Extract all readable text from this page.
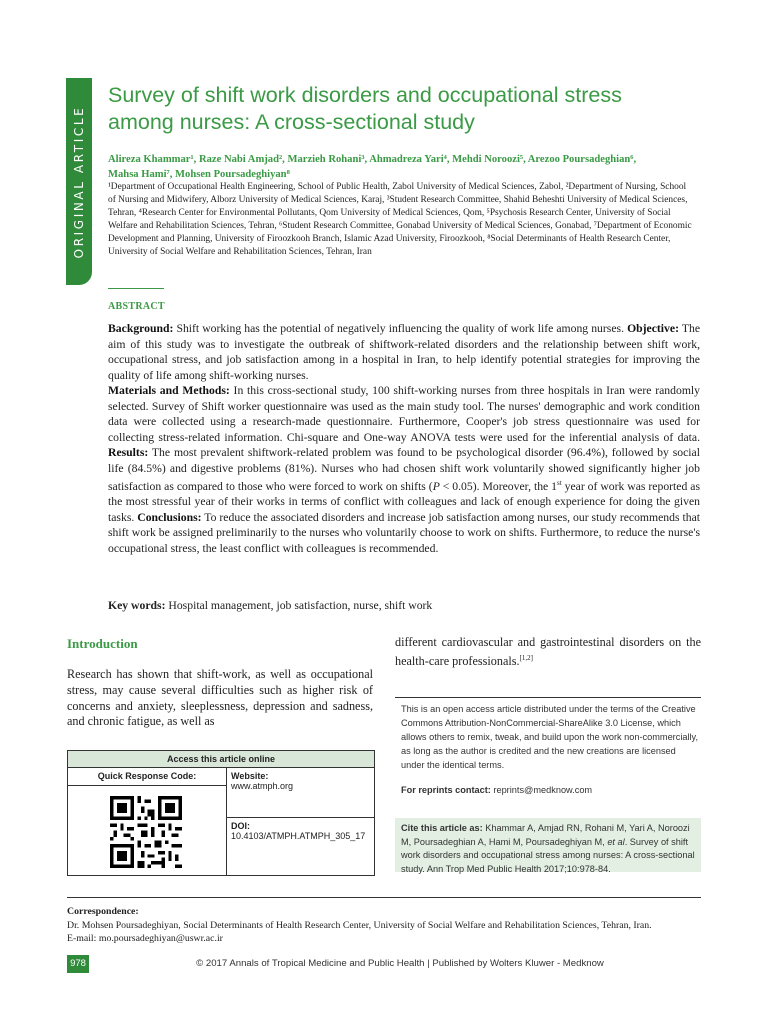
ORIGINAL ARTICLE
Survey of shift work disorders and occupational stress among nurses: A cross-sectional study
Alireza Khammar¹, Raze Nabi Amjad², Marzieh Rohani³, Ahmadreza Yari⁴, Mehdi Noroozi⁵, Arezoo Poursadeghian⁶,
Mahsa Hami⁷, Mohsen Poursadeghiyan⁸
¹Department of Occupational Health Engineering, School of Public Health, Zabol University of Medical Sciences, Zabol, ²Department of Nursing, School of Nursing and Midwifery, Alborz University of Medical Sciences, Karaj, ³Student Research Committee, Shahid Beheshti University of Medical Sciences, Tehran, ⁴Research Center for Environmental Pollutants, Qom University of Medical Sciences, Qom, ⁵Psychosis Research Center, University of Social Welfare and Rehabilitation Sciences, Tehran, ⁶Student Research Committee, Gonabad University of Medical Sciences, Gonabad, ⁷Department of Economic Development and Planning, University of Firoozkooh Branch, Islamic Azad University, Firoozkooh, ⁸Social Determinants of Health Research Center, University of Social Welfare and Rehabilitation Sciences, Tehran, Iran
ABSTRACT

Background: Shift working has the potential of negatively influencing the quality of work life among nurses. Objective: The aim of this study was to investigate the outbreak of shiftwork-related disorders and the relationship between shift work, occupational stress, and job satisfaction among in a hospital in Iran, to help identify potential strategies for improving the quality of life among shift-working nurses.
Materials and Methods: In this cross-sectional study, 100 shift-working nurses from three hospitals in Iran were randomly selected. Survey of Shift worker questionnaire was used as the main study tool. The nurses' demographic and work condition data were collected using a research-made questionnaire. Furthermore, Cooper's job stress questionnaire was used for collecting stress-related information. Chi-square and One-way ANOVA tests were used for the inferential analysis of data. Results: The most prevalent shiftwork-related problem was found to be psychological disorder (96.4%), followed by social life (84.5%) and digestive problems (81%). Nurses who had chosen shift work voluntarily showed significantly higher job satisfaction as compared to those who were forced to work on shifts (P < 0.05). Moreover, the 1st year of work was reported as the most stressful year of their works in terms of conflict with colleagues and lack of enough experience for doing the given tasks. Conclusions: To reduce the associated disorders and increase job satisfaction among nurses, our study recommends that shift work be assigned preliminarily to the nurses who voluntarily choose to work on shifts. Furthermore, to reduce the nurse's occupational stress, the least conflict with colleagues is recommended.

Key words: Hospital management, job satisfaction, nurse, shift work
Introduction

Research has shown that shift-work, as well as occupational stress, may cause several difficulties such as higher risk of concerns and anxiety, sleeplessness, depression and sadness, and chronic fatigue, as well as

different cardiovascular and gastrointestinal disorders on the health-care professionals.[1,2]

Access this article online
Quick Response Code:	Website:
www.atmph.org
DOI:
10.4103/ATMPH.ATMPH_305_17

This is an open access article distributed under the terms of the Creative Commons Attribution-NonCommercial-ShareAlike 3.0 License, which allows others to remix, tweak, and build upon the work non-commercially, as long as the author is credited and the new creations are licensed under the identical terms.

For reprints contact: reprints@medknow.com

Cite this article as: Khammar A, Amjad RN, Rohani M, Yari A, Noroozi M, Poursadeghian A, Hami M, Poursadeghiyan M, et al. Survey of shift work disorders and occupational stress among nurses: A cross-sectional study. Ann Trop Med Public Health 2017;10:978-84.
Correspondence:
Dr. Mohsen Poursadeghiyan, Social Determinants of Health Research Center, University of Social Welfare and Rehabilitation Sciences, Tehran, Iran.
E-mail: mo.poursadeghiyan@uswr.ac.ir
978	© 2017 Annals of Tropical Medicine and Public Health | Published by Wolters Kluwer - Medknow
